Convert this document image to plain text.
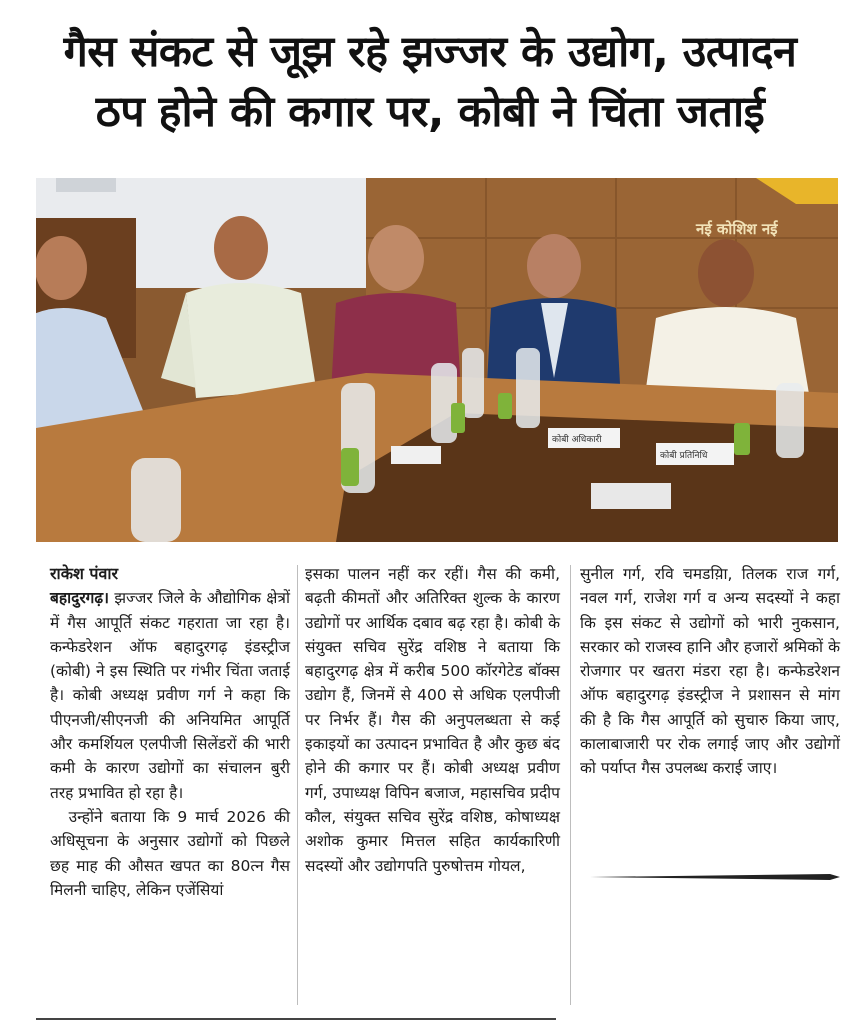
गैस संकट से जूझ रहे झज्जर के उद्योग, उत्पादन
ठप होने की कगार पर, कोबी ने चिंता जताई
नई कोशिश नई
कोबी अधिकारी
कोबी प्रतिनिधि

राकेश पंवार

बहादुरगढ़। झज्जर जिले के औद्योगिक क्षेत्रों में गैस आपूर्ति संकट गहराता जा रहा है। कन्फेडरेशन ऑफ बहादुरगढ़ इंडस्ट्रीज (कोबी) ने इस स्थिति पर गंभीर चिंता जताई है। कोबी अध्यक्ष प्रवीण गर्ग ने कहा कि पीएनजी/सीएनजी की अनियमित आपूर्ति और कमर्शियल एलपीजी सिलेंडरों की भारी कमी के कारण उद्योगों का संचालन बुरी तरह प्रभावित हो रहा है।

उन्होंने बताया कि 9 मार्च 2026 की अधिसूचना के अनुसार उद्योगों को पिछले छह माह की औसत खपत का 80त्न गैस मिलनी चाहिए, लेकिन एजेंसियां

इसका पालन नहीं कर रहीं। गैस की कमी, बढ़ती कीमतों और अतिरिक्त शुल्क के कारण उद्योगों पर आर्थिक दबाव बढ़ रहा है। कोबी के संयुक्त सचिव सुरेंद्र वशिष्ठ ने बताया कि बहादुरगढ़ क्षेत्र में करीब 500 कॉरगेटेड बॉक्स उद्योग हैं, जिनमें से 400 से अधिक एलपीजी पर निर्भर हैं। गैस की अनुपलब्धता से कई इकाइयों का उत्पादन प्रभावित है और कुछ बंद होने की कगार पर हैं। कोबी अध्यक्ष प्रवीण गर्ग, उपाध्यक्ष विपिन बजाज, महासचिव प्रदीप कौल, संयुक्त सचिव सुरेंद्र वशिष्ठ, कोषाध्यक्ष अशोक कुमार मित्तल सहित कार्यकारिणी सदस्यों और उद्योगपति पुरुषोत्तम गोयल,

सुनील गर्ग, रवि चमडय़िा, तिलक राज गर्ग, नवल गर्ग, राजेश गर्ग व अन्य सदस्यों ने कहा कि इस संकट से उद्योगों को भारी नुकसान, सरकार को राजस्व हानि और हजारों श्रमिकों के रोजगार पर खतरा मंडरा रहा है। कन्फेडरेशन ऑफ बहादुरगढ़ इंडस्ट्रीज ने प्रशासन से मांग की है कि गैस आपूर्ति को सुचारु किया जाए, कालाबाजारी पर रोक लगाई जाए और उद्योगों को पर्याप्त गैस उपलब्ध कराई जाए।
